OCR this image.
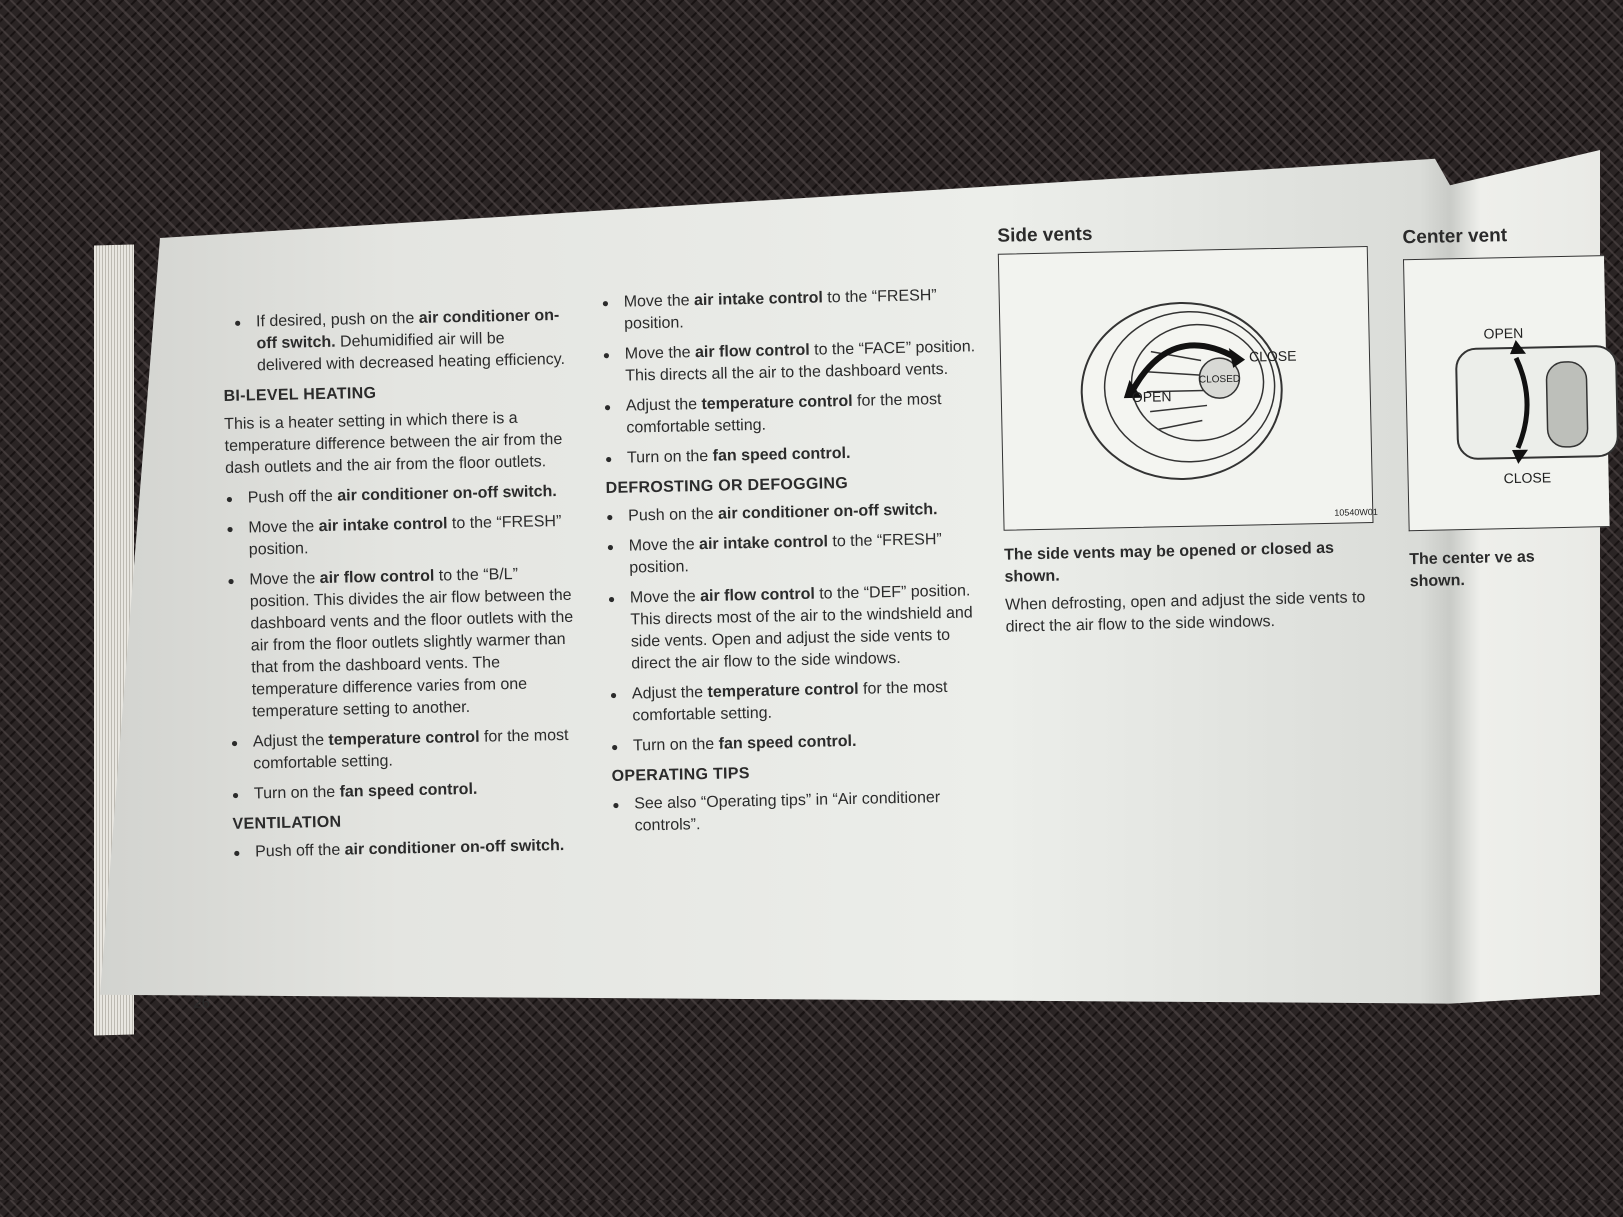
● If desired, push on the air conditioner on-off switch. Dehumidified air will be delivered with decreased heating efficiency.
BI-LEVEL HEATING

This is a heater setting in which there is a temperature difference between the air from the dash outlets and the air from the floor outlets.

● Push off the air conditioner on-off switch.
● Move the air intake control to the “FRESH” position.
● Move the air flow control to the “B/L” position. This divides the air flow between the dashboard vents and the floor outlets with the air from the floor outlets slightly warmer than that from the dashboard vents. The temperature difference varies from one temperature setting to another.
● Adjust the temperature control for the most comfortable setting.
● Turn on the fan speed control.
VENTILATION
● Push off the air conditioner on-off switch.
● Move the air intake control to the “FRESH” position.
● Move the air flow control to the “FACE” position. This directs all the air to the dashboard vents.
● Adjust the temperature control for the most comfortable setting.
● Turn on the fan speed control.
DEFROSTING OR DEFOGGING
● Push on the air conditioner on-off switch.
● Move the air intake control to the “FRESH” position.
● Move the air flow control to the “DEF” position. This directs most of the air to the windshield and side vents. Open and adjust the side vents to direct the air flow to the side windows.
● Adjust the temperature control for the most comfortable setting.
● Turn on the fan speed control.
OPERATING TIPS
● See also “Operating tips” in “Air conditioner controls”.
Side vents
CLOSED
OPEN
CLOSE
10540W01
The side vents may be opened or closed as shown.

When defrosting, open and adjust the side vents to direct the air flow to the side windows.

Center vent
OPEN
CLOSE
The center ve as shown.
26
